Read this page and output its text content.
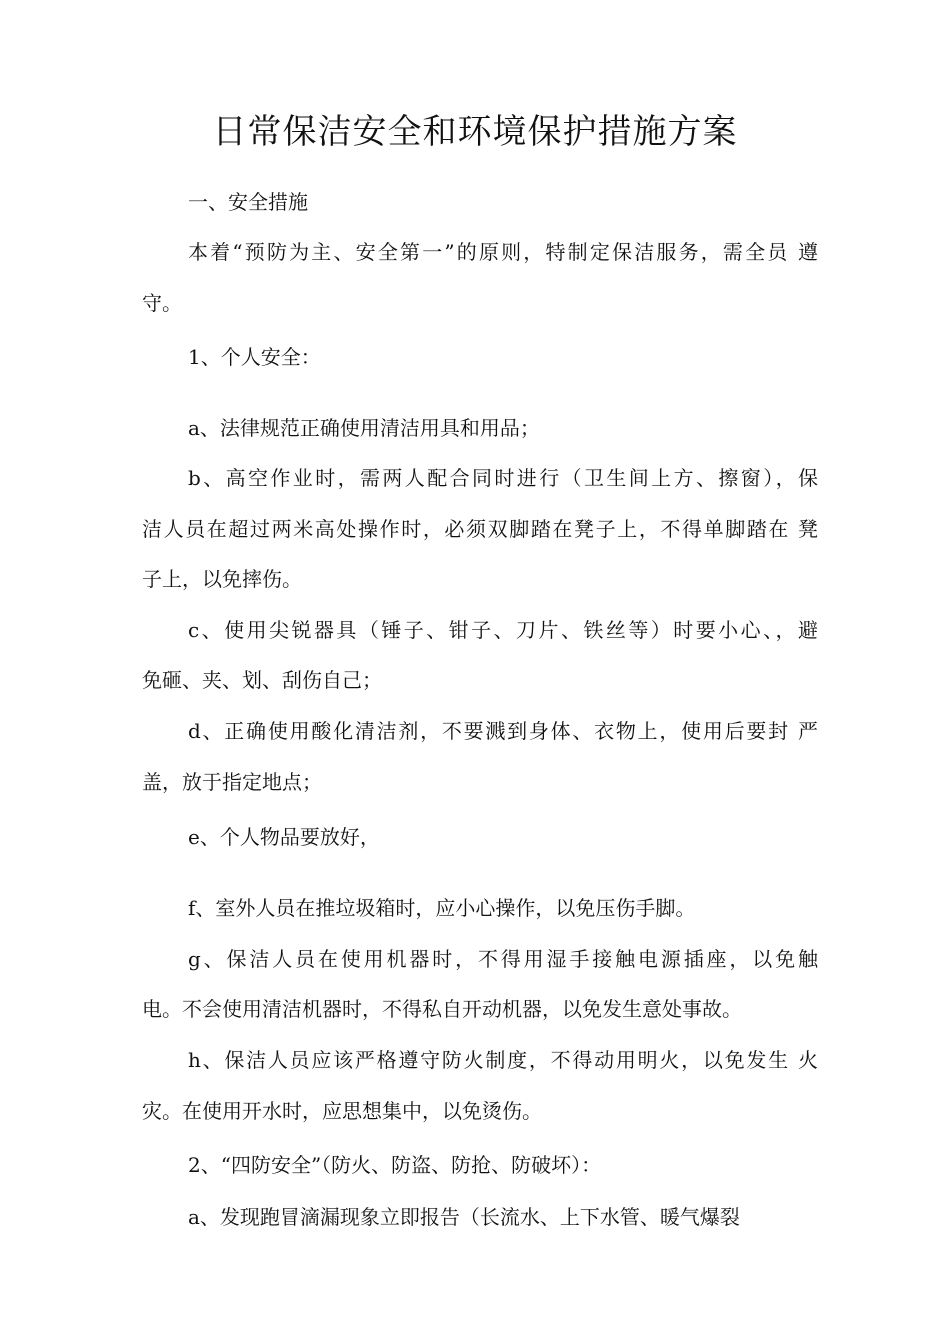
日常保洁安全和环境保护措施方案
一、安全措施
本着“预防为主、安全第一”的原则，特制定保洁服务，需全员 遵
守。
1、个人安全：
a、法律规范正确使用清洁用具和用品；
b、高空作业时，需两人配合同时进行（卫生间上方、擦窗），保
洁人员在超过两米高处操作时，必须双脚踏在凳子上，不得单脚踏在 凳
子上，以免摔伤。
c、使用尖锐器具（锤子、钳子、刀片、铁丝等）时要小心、，避
免砸、夹、划、刮伤自己；
d、正确使用酸化清洁剂，不要溅到身体、衣物上，使用后要封 严
盖，放于指定地点；
e、个人物品要放好，
f、室外人员在推垃圾箱时，应小心操作，以免压伤手脚。
g、保洁人员在使用机器时，不得用湿手接触电源插座，以免触
电。不会使用清洁机器时，不得私自开动机器，以免发生意处事故。
h、保洁人员应该严格遵守防火制度，不得动用明火，以免发生 火
灾。在使用开水时，应思想集中，以免烫伤。
2、“四防安全”（防火、防盗、防抢、防破坏）：
a、发现跑冒滴漏现象立即报告（长流水、上下水管、暖气爆裂
